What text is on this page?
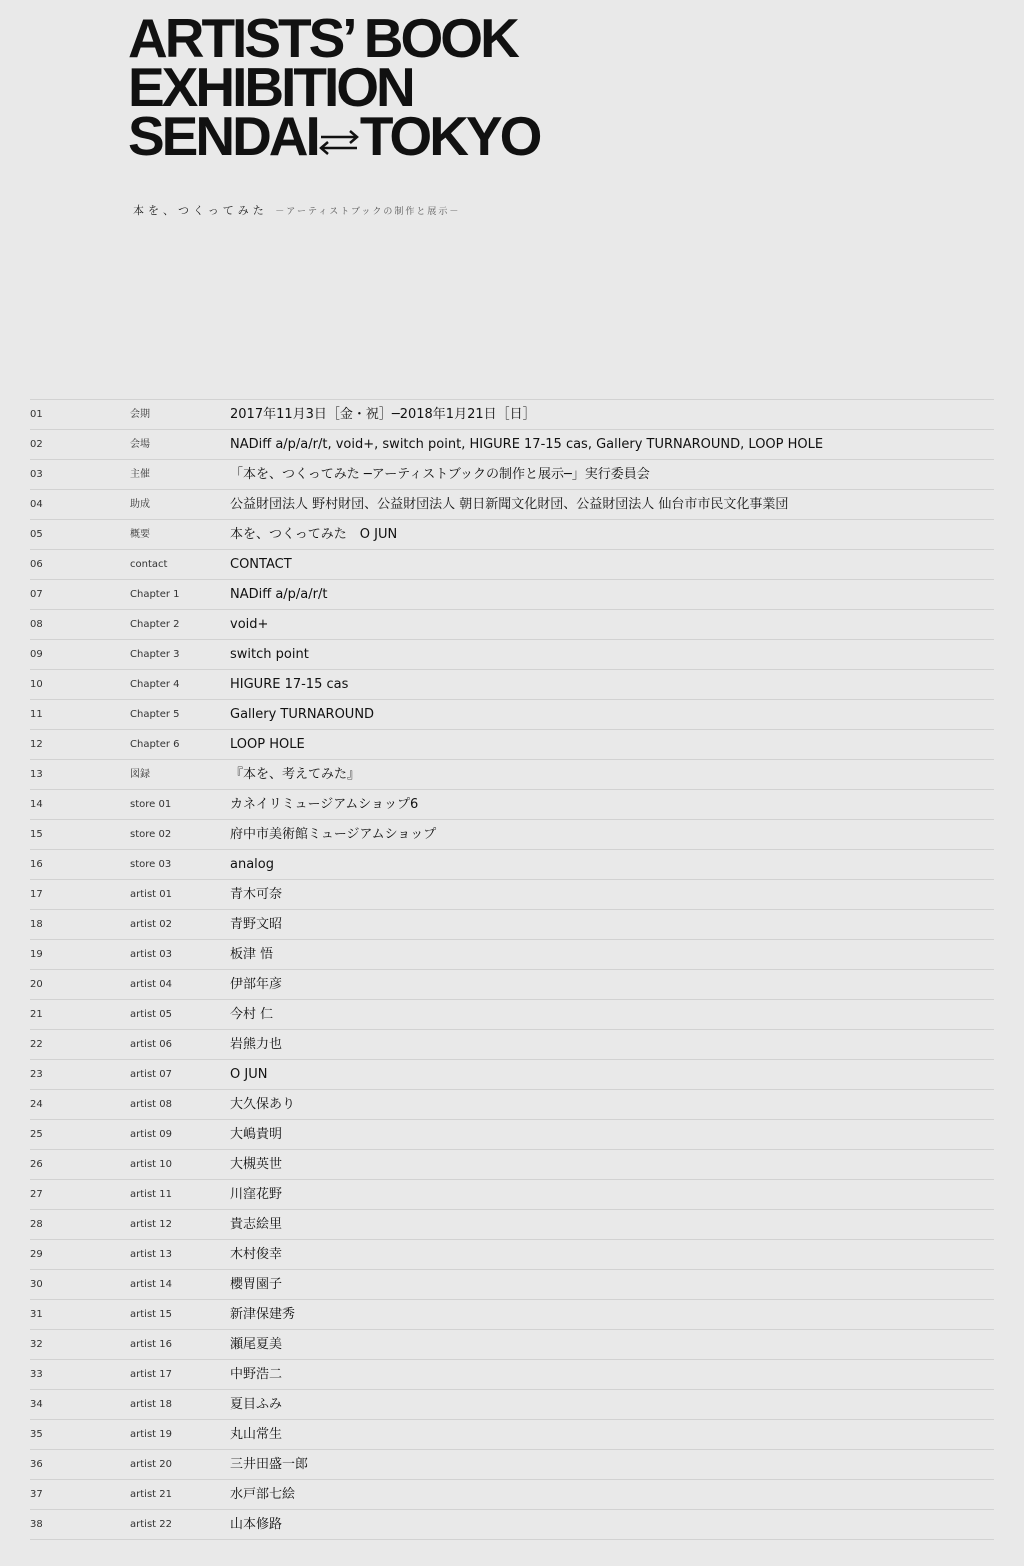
ARTISTS’ BOOK
EXHIBITION
SENDAI TOKYO
本を、つくってみた －アーティストブックの制作と展示－
01	会期	2017年11月3日［金・祝］─2018年1月21日［日］
02	会場	NADiff a/p/a/r/t, void+, switch point, HIGURE 17-15 cas, Gallery TURNAROUND, LOOP HOLE
03	主催	「本を、つくってみた ─アーティストブックの制作と展示─」実行委員会
04	助成	公益財団法人 野村財団、公益財団法人 朝日新聞文化財団、公益財団法人 仙台市市民文化事業団
05	概要	本を、つくってみた　O JUN
06	contact	CONTACT
07	Chapter 1	NADiff a/p/a/r/t
08	Chapter 2	void+
09	Chapter 3	switch point
10	Chapter 4	HIGURE 17-15 cas
11	Chapter 5	Gallery TURNAROUND
12	Chapter 6	LOOP HOLE
13	図録	『本を、考えてみた』
14	store 01	カネイリミュージアムショップ6
15	store 02	府中市美術館ミュージアムショップ
16	store 03	analog
17	artist 01	青木可奈
18	artist 02	青野文昭
19	artist 03	板津 悟
20	artist 04	伊部年彦
21	artist 05	今村 仁
22	artist 06	岩熊力也
23	artist 07	O JUN
24	artist 08	大久保あり
25	artist 09	大嶋貴明
26	artist 10	大槻英世
27	artist 11	川窪花野
28	artist 12	貴志絵里
29	artist 13	木村俊幸
30	artist 14	櫻胃園子
31	artist 15	新津保建秀
32	artist 16	瀬尾夏美
33	artist 17	中野浩二
34	artist 18	夏目ふみ
35	artist 19	丸山常生
36	artist 20	三井田盛一郎
37	artist 21	水戸部七絵
38	artist 22	山本修路
